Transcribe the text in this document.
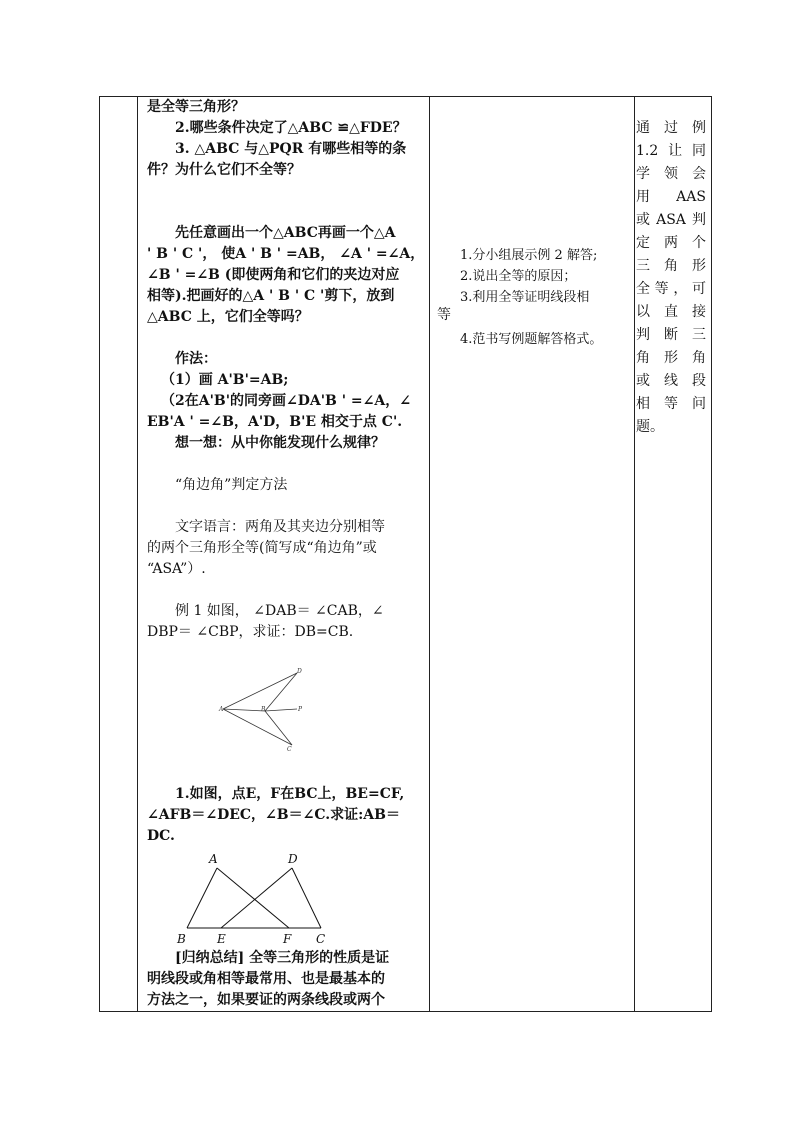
是全等三角形？

2.哪些条件决定了△ABC ≌△FDE？

3. △ABC 与△PQR 有哪些相等的条

件？为什么它们不全等？

先任意画出一个△ABC再画一个△A

' B ' C '， 使A ' B ' =AB， ∠A ' =∠A，

∠B ' =∠B (即使两角和它们的夹边对应

相等).把画好的△A ' B ' C '剪下，放到

△ABC 上，它们全等吗？

作法：

（1）画 A'B'=AB;

（2在A'B'的同旁画∠DA'B ' =∠A，∠

EB'A ' =∠B，A'D，B'E 相交于点 C'.

想一想：从中你能发现什么规律？

“角边角”判定方法

文字语言：两角及其夹边分别相等

的两个三角形全等(简写成“角边角”或

“ASA”）.

例 1 如图， ∠DAB＝ ∠CAB，∠

DBP＝ ∠CBP，求证：DB=CB.

D
A	B	P
C

1.如图，点E，F在BC上，BE=CF,

∠AFB＝∠DEC，∠B＝∠C.求证:AB＝

DC.

A	D
B	E	F C

[归纳总结] 全等三角形的性质是证

明线段或角相等最常用、也是最基本的

方法之一，如果要证的两条线段或两个

等

1.分小组展示例 2 解答;

2.说出全等的原因；

3.利用全等证明线段相

4.范书写例题解答格式。

通过例
1.2让同
学领会
用AAS
或ASA判
定两个
三角形
全等，可
以直接
判断三
角形角
或线段
相等问
题。
